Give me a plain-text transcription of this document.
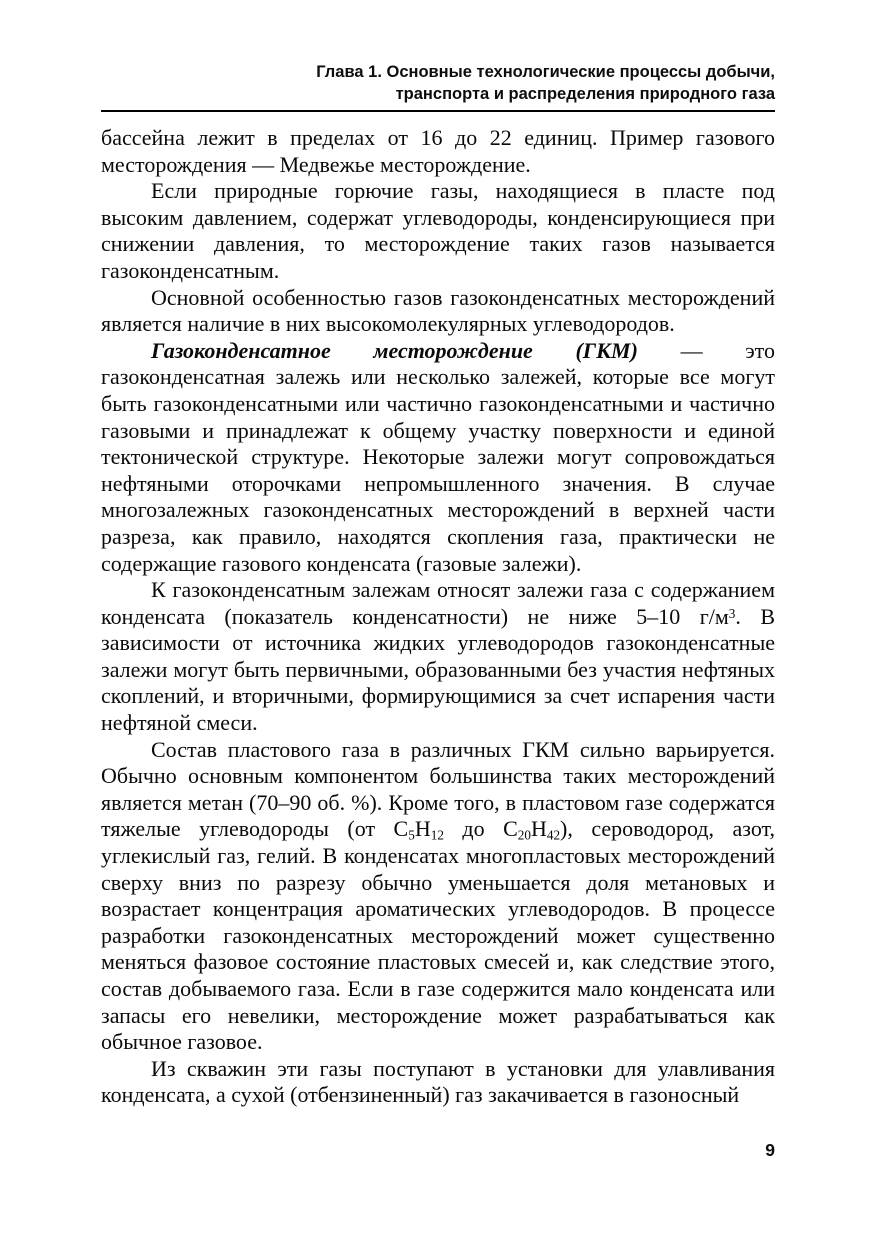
Глава 1. Основные технологические процессы добычи,
транспорта и распределения природного газа

бассейна лежит в пределах от 16 до 22 единиц. Пример газового месторождения — Медвежье месторождение.

Если природные горючие газы, находящиеся в пласте под высоким давлением, содержат углеводороды, конденсирующиеся при снижении давления, то месторождение таких газов называется газоконденсатным.

Основной особенностью газов газоконденсатных месторождений является наличие в них высокомолекулярных углеводородов.

Газоконденсатное месторождение (ГКМ) — это газоконденсатная залежь или несколько залежей, которые все могут быть газоконденсатными или частично газоконденсатными и частично газовыми и принадлежат к общему участку поверхности и единой тектонической структуре. Некоторые залежи могут сопровождаться нефтяными оторочками непромышленного значения. В случае многозалежных газоконденсатных месторождений в верхней части разреза, как правило, находятся скопления газа, практически не содержащие газового конденсата (газовые залежи).

К газоконденсатным залежам относят залежи газа с содержанием конденсата (показатель конденсатности) не ниже 5–10 $г/м^3$. В зависимости от источника жидких углеводородов газоконденсатные залежи могут быть первичными, образованными без участия нефтяных скоплений, и вторичными, формирующимися за счет испарения части нефтяной смеси.

Состав пластового газа в различных ГКМ сильно варьируется. Обычно основным компонентом большинства таких месторождений является метан (70–90 об. %). Кроме того, в пластовом газе содержатся тяжелые углеводороды (от $C_5H_{12}$ до $C_{20}H_{42}$), сероводород, азот, углекислый газ, гелий. В конденсатах многопластовых месторождений сверху вниз по разрезу обычно уменьшается доля метановых и возрастает концентрация ароматических углеводородов. В процессе разработки газоконденсатных месторождений может существенно меняться фазовое состояние пластовых смесей и, как следствие этого, состав добываемого газа. Если в газе содержится мало конденсата или запасы его невелики, месторождение может разрабатываться как обычное газовое.

Из скважин эти газы поступают в установки для улавливания конденсата, а сухой (отбензиненный) газ закачивается в газоносный

9
